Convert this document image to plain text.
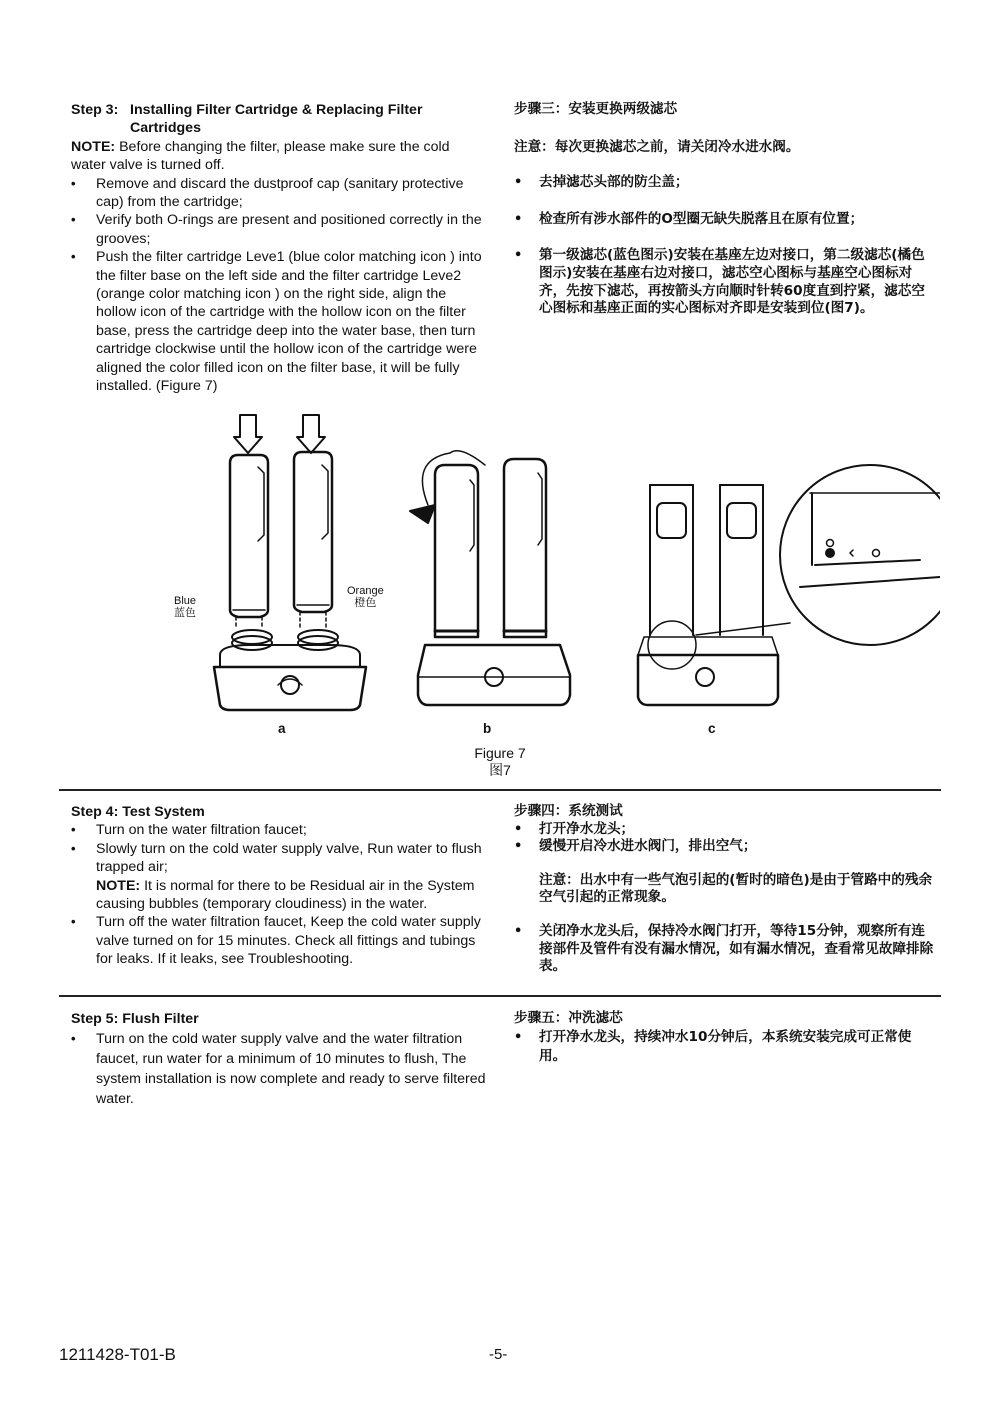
Step 3: Installing Filter Cartridge & Replacing Filter
Cartridges
NOTE: Before changing the filter, please make sure the cold water valve is turned off.
• Remove and discard the dustproof cap (sanitary protective cap) from the cartridge;
• Verify both O-rings are present and positioned correctly in the grooves;
• Push the filter cartridge Leve1 (blue color matching icon ) into the filter base on the left side and the filter cartridge Leve2 (orange color matching icon ) on the right side, align the hollow icon of the cartridge with the hollow icon on the filter base, press the cartridge deep into the water base, then turn cartridge clockwise until the hollow icon of the cartridge were aligned the color filled icon on the filter base, it will be fully installed. (Figure 7)
步骤三：安装更换两级滤芯
注意：每次更换滤芯之前，请关闭冷水进水阀。
• 去掉滤芯头部的防尘盖；
• 检查所有涉水部件的O型圈无缺失脱落且在原有位置；
• 第一级滤芯(蓝色图示)安装在基座左边对接口，第二级滤芯(橘色图示)安装在基座右边对接口，滤芯空心图标与基座空心图标对齐，先按下滤芯，再按箭头方向顺时针转60度直到拧紧，滤芯空心图标和基座正面的实心图标对齐即是安装到位(图7)。
Blue
蓝色
Orange
橙色
a	b	c
Figure 7
图7
Step 4: Test System
• Turn on the water filtration faucet;
• Slowly turn on the cold water supply valve, Run water to flush trapped air;
NOTE: It is normal for there to be Residual air in the System causing bubbles (temporary cloudiness) in the water.
• Turn off the water filtration faucet, Keep the cold water supply valve turned on for 15 minutes. Check all fittings and tubings for leaks. If it leaks, see Troubleshooting.
步骤四：系统测试
• 打开净水龙头；
• 缓慢开启冷水进水阀门，排出空气；
注意：出水中有一些气泡引起的(暂时的暗色)是由于管路中的残余空气引起的正常现象。
• 关闭净水龙头后，保持冷水阀门打开，等待15分钟，观察所有连接部件及管件有没有漏水情况，如有漏水情况，查看常见故障排除表。
Step 5: Flush Filter
• Turn on the cold water supply valve and the water filtration faucet, run water for a minimum of 10 minutes to flush, The system installation is now complete and ready to serve filtered water.
步骤五：冲洗滤芯
• 打开净水龙头，持续冲水10分钟后，本系统安装完成可正常使用。
1211428-T01-B	-5-
